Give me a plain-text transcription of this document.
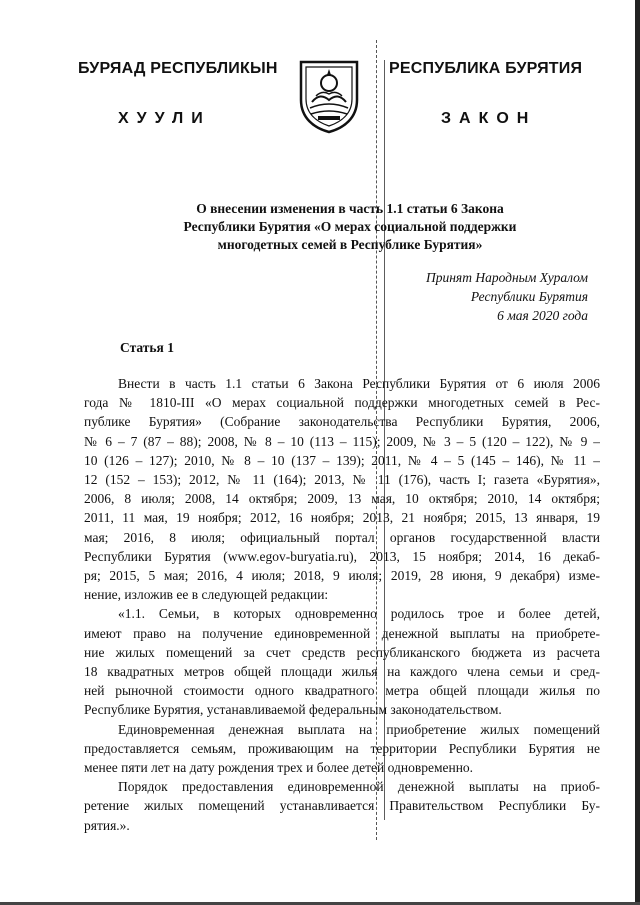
БУРЯАД РЕСПУБЛИКЫН
ХУУЛИ
РЕСПУБЛИКА БУРЯТИЯ
ЗАКОН
О внесении изменения в часть 1.1 статьи 6 Закона
Республики Бурятия «О мерах социальной поддержки
многодетных семей в Республике Бурятия»
Принят Народным Хуралом
Республики Бурятия
6 мая 2020 года
Статья 1
Внести в часть 1.1 статьи 6 Закона Республики Бурятия от 6 июля 2006
года № 1810-III «О мерах социальной поддержки многодетных семей в Рес-
публике Бурятия» (Собрание законодательства Республики Бурятия, 2006,
№ 6 – 7 (87 – 88); 2008, № 8 – 10 (113 – 115); 2009, № 3 – 5 (120 – 122), № 9 –
10 (126 – 127); 2010, № 8 – 10 (137 – 139); 2011, № 4 – 5 (145 – 146), № 11 –
12 (152 – 153); 2012, № 11 (164); 2013, № 11 (176), часть I; газета «Бурятия»,
2006, 8 июля; 2008, 14 октября; 2009, 13 мая, 10 октября; 2010, 14 октября;
2011, 11 мая, 19 ноября; 2012, 16 ноября; 2013, 21 ноября; 2015, 13 января, 19
мая; 2016, 8 июля; официальный портал органов государственной власти
Республики Бурятия (www.egov-buryatia.ru), 2013, 15 ноября; 2014, 16 декаб-
ря; 2015, 5 мая; 2016, 4 июля; 2018, 9 июля; 2019, 28 июня, 9 декабря) изме-
нение, изложив ее в следующей редакции:
«1.1. Семьи, в которых одновременно родилось трое и более детей,
имеют право на получение единовременной денежной выплаты на приобрете-
ние жилых помещений за счет средств республиканского бюджета из расчета
18 квадратных метров общей площади жилья на каждого члена семьи и сред-
ней рыночной стоимости одного квадратного метра общей площади жилья по
Республике Бурятия, устанавливаемой федеральным законодательством.
Единовременная денежная выплата на приобретение жилых помещений
предоставляется семьям, проживающим на территории Республики Бурятия не
менее пяти лет на дату рождения трех и более детей одновременно.
Порядок предоставления единовременной денежной выплаты на приоб-
ретение жилых помещений устанавливается Правительством Республики Бу-
рятия.».
